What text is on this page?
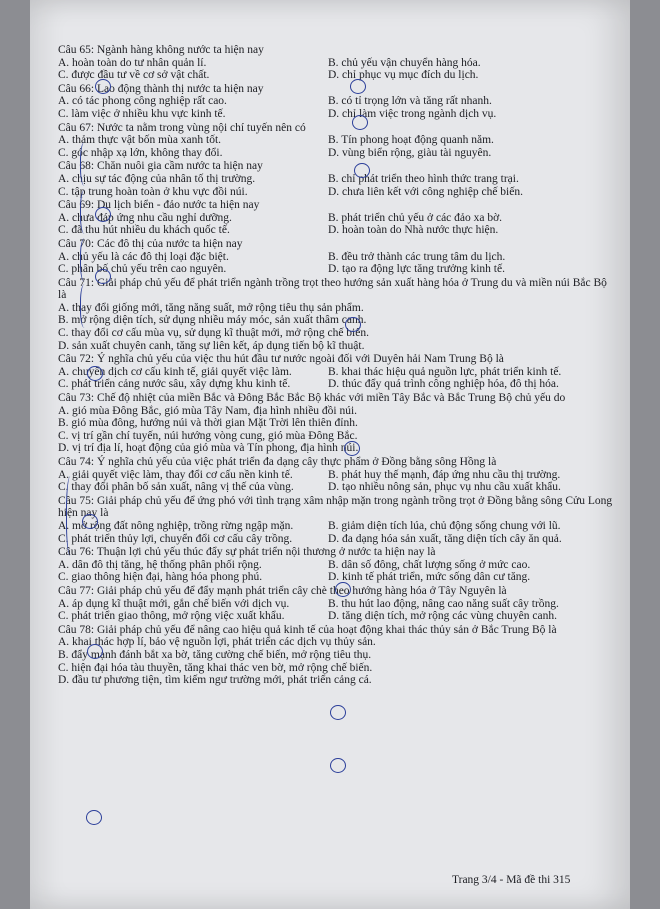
Câu 65: Ngành hàng không nước ta hiện nay
A. hoàn toàn do tư nhân quản lí.	B. chủ yếu vận chuyển hàng hóa.
C. được đầu tư về cơ sở vật chất.	D. chỉ phục vụ mục đích du lịch.
Câu 66: Lao động thành thị nước ta hiện nay
A. có tác phong công nghiệp rất cao.	B. có tỉ trọng lớn và tăng rất nhanh.
C. làm việc ở nhiều khu vực kinh tế.	D. chỉ làm việc trong ngành dịch vụ.
Câu 67: Nước ta nằm trong vùng nội chí tuyến nên có
A. thảm thực vật bốn mùa xanh tốt.	B. Tín phong hoạt động quanh năm.
C. góc nhập xạ lớn, không thay đổi.	D. vùng biển rộng, giàu tài nguyên.
Câu 68: Chăn nuôi gia cầm nước ta hiện nay
A. chịu sự tác động của nhân tố thị trường.	B. chỉ phát triển theo hình thức trang trại.
C. tập trung hoàn toàn ở khu vực đồi núi.	D. chưa liên kết với công nghiệp chế biến.
Câu 69: Du lịch biển - đảo nước ta hiện nay
A. chưa đáp ứng nhu cầu nghỉ dưỡng.	B. phát triển chủ yếu ở các đảo xa bờ.
C. đã thu hút nhiều du khách quốc tế.	D. hoàn toàn do Nhà nước thực hiện.
Câu 70: Các đô thị của nước ta hiện nay
A. chủ yếu là các đô thị loại đặc biệt.	B. đều trở thành các trung tâm du lịch.
C. phân bố chủ yếu trên cao nguyên.	D. tạo ra động lực tăng trưởng kinh tế.
Câu 71: Giải pháp chủ yếu để phát triển ngành trồng trọt theo hướng sản xuất hàng hóa ở Trung du và miền núi Bắc Bộ là
A. thay đổi giống mới, tăng năng suất, mở rộng tiêu thụ sản phẩm.
B. mở rộng diện tích, sử dụng nhiều máy móc, sản xuất thâm canh.
C. thay đổi cơ cấu mùa vụ, sử dụng kĩ thuật mới, mở rộng chế biến.
D. sản xuất chuyên canh, tăng sự liên kết, áp dụng tiến bộ kĩ thuật.
Câu 72: Ý nghĩa chủ yếu của việc thu hút đầu tư nước ngoài đối với Duyên hải Nam Trung Bộ là
A. chuyển dịch cơ cấu kinh tế, giải quyết việc làm.	B. khai thác hiệu quả nguồn lực, phát triển kinh tế.
C. phát triển cảng nước sâu, xây dựng khu kinh tế.	D. thúc đẩy quá trình công nghiệp hóa, đô thị hóa.
Câu 73: Chế độ nhiệt của miền Bắc và Đông Bắc Bắc Bộ khác với miền Tây Bắc và Bắc Trung Bộ chủ yếu do
A. gió mùa Đông Bắc, gió mùa Tây Nam, địa hình nhiều đồi núi.
B. gió mùa đông, hướng núi và thời gian Mặt Trời lên thiên đỉnh.
C. vị trí gần chí tuyến, núi hướng vòng cung, gió mùa Đông Bắc.
D. vị trí địa lí, hoạt động của gió mùa và Tín phong, địa hình núi.
Câu 74: Ý nghĩa chủ yếu của việc phát triển đa dạng cây thực phẩm ở Đồng bằng sông Hồng là
A. giải quyết việc làm, thay đổi cơ cấu nền kinh tế.	B. phát huy thế mạnh, đáp ứng nhu cầu thị trường.
C. thay đổi phân bố sản xuất, nâng vị thế của vùng.	D. tạo nhiều nông sản, phục vụ nhu cầu xuất khẩu.
Câu 75: Giải pháp chủ yếu để ứng phó với tình trạng xâm nhập mặn trong ngành trồng trọt ở Đồng bằng sông Cửu Long hiện nay là
A. mở rộng đất nông nghiệp, trồng rừng ngập mặn.	B. giảm diện tích lúa, chủ động sống chung với lũ.
C. phát triển thủy lợi, chuyển đổi cơ cấu cây trồng.	D. đa dạng hóa sản xuất, tăng diện tích cây ăn quả.
Câu 76: Thuận lợi chủ yếu thúc đẩy sự phát triển nội thương ở nước ta hiện nay là
A. dân đô thị tăng, hệ thống phân phối rộng.	B. dân số đông, chất lượng sống ở mức cao.
C. giao thông hiện đại, hàng hóa phong phú.	D. kinh tế phát triển, mức sống dân cư tăng.
Câu 77: Giải pháp chủ yếu để đẩy mạnh phát triển cây chè theo hướng hàng hóa ở Tây Nguyên là
A. áp dụng kĩ thuật mới, gắn chế biến với dịch vụ.	B. thu hút lao động, nâng cao năng suất cây trồng.
C. phát triển giao thông, mở rộng việc xuất khẩu.	D. tăng diện tích, mở rộng các vùng chuyên canh.
Câu 78: Giải pháp chủ yếu để nâng cao hiệu quả kinh tế của hoạt động khai thác thủy sản ở Bắc Trung Bộ là
A. khai thác hợp lí, bảo vệ nguồn lợi, phát triển các dịch vụ thủy sản.
B. đẩy mạnh đánh bắt xa bờ, tăng cường chế biến, mở rộng tiêu thụ.
C. hiện đại hóa tàu thuyền, tăng khai thác ven bờ, mở rộng chế biến.
D. đầu tư phương tiện, tìm kiếm ngư trường mới, phát triển cảng cá.
Trang 3/4 - Mã đề thi 315
